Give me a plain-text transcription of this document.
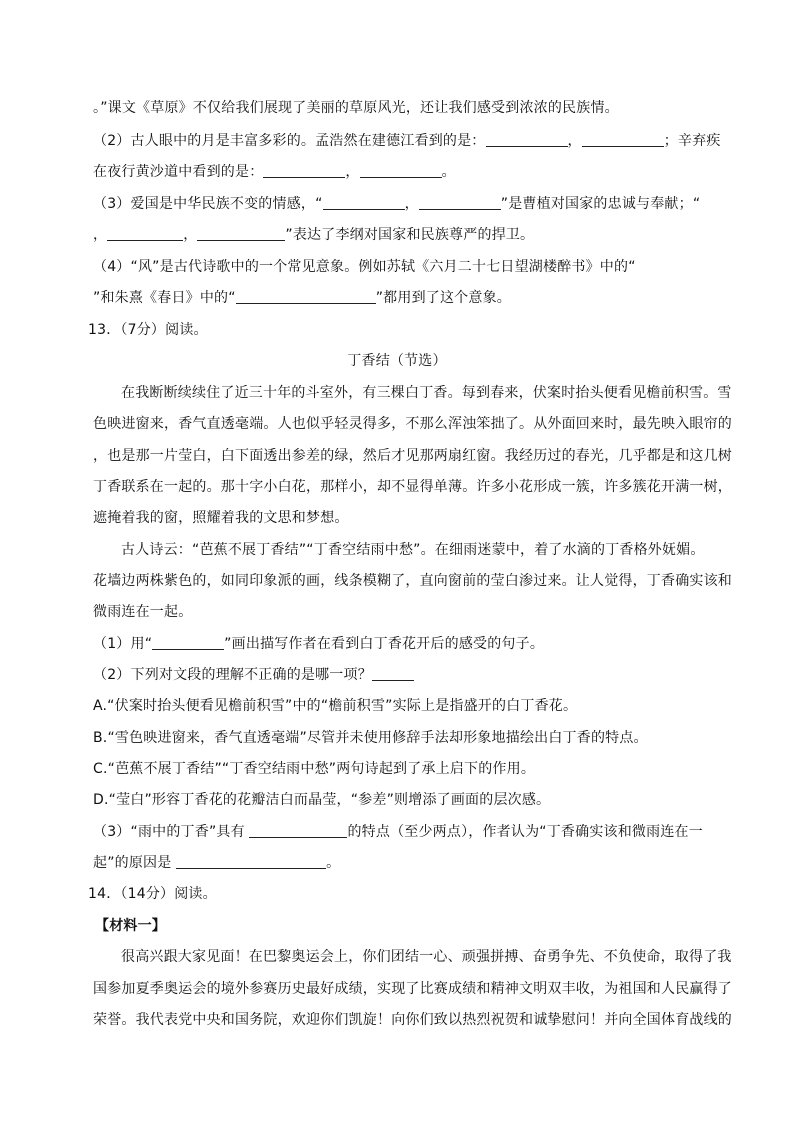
。”课文《草原》不仅给我们展现了美丽的草原风光，还让我们感受到浓浓的民族情。
（2）古人眼中的月是丰富多彩的。孟浩然在建德江看到的是：	，	；辛弃疾
在夜行黄沙道中看到的是：	，	。
（3）爱国是中华民族不变的情感，“	，	”是曹植对国家的忠诚与奉献；“
，	，	”表达了李纲对国家和民族尊严的捍卫。
（4）“风”是古代诗歌中的一个常见意象。例如苏轼《六月二十七日望湖楼醉书》中的“
”和朱熹《春日》中的“	”都用到了这个意象。
13．（7分）阅读。
丁香结（节选）
在我断断续续住了近三十年的斗室外，有三棵白丁香。每到春来，伏案时抬头便看见檐前积雪。雪
色映进窗来，香气直透毫端。人也似乎轻灵得多，不那么浑浊笨拙了。从外面回来时，最先映入眼帘的
，也是那一片莹白，白下面透出参差的绿，然后才见那两扇红窗。我经历过的春光，几乎都是和这几树
丁香联系在一起的。那十字小白花，那样小，却不显得单薄。许多小花形成一簇，许多簇花开满一树，
遮掩着我的窗，照耀着我的文思和梦想。
古人诗云：“芭蕉不展丁香结”“丁香空结雨中愁”。在细雨迷蒙中，着了水滴的丁香格外妩媚。
花墙边两株紫色的，如同印象派的画，线条模糊了，直向窗前的莹白渗过来。让人觉得，丁香确实该和
微雨连在一起。
（1）用“	”画出描写作者在看到白丁香花开后的感受的句子。
（2）下列对文段的理解不正确的是哪一项？
A.“伏案时抬头便看见檐前积雪”中的“檐前积雪”实际上是指盛开的白丁香花。
B.“雪色映进窗来，香气直透毫端”尽管并未使用修辞手法却形象地描绘出白丁香的特点。
C.“芭蕉不展丁香结”“丁香空结雨中愁”两句诗起到了承上启下的作用。
D.“莹白”形容丁香花的花瓣洁白而晶莹，“参差”则增添了画面的层次感。
（3）“雨中的丁香”具有	的特点（至少两点），作者认为“丁香确实该和微雨连在一
起”的原因是	。
14．（14分）阅读。
【材料一】
很高兴跟大家见面！在巴黎奥运会上，你们团结一心、顽强拼搏、奋勇争先、不负使命，取得了我
国参加夏季奥运会的境外参赛历史最好成绩，实现了比赛成绩和精神文明双丰收，为祖国和人民赢得了
荣誉。我代表党中央和国务院，欢迎你们凯旋！向你们致以热烈祝贺和诚挚慰问！并向全国体育战线的
